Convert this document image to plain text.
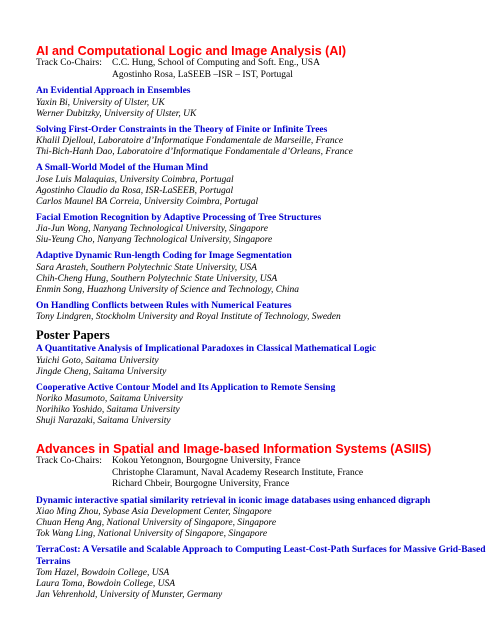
AI and Computational Logic and Image Analysis (AI)
Track Co-Chairs:	C.C. Hung, School of Computing and Soft. Eng., USA
Agostinho Rosa, LaSEEB –ISR – IST, Portugal
An Evidential Approach in Ensembles
Yaxin Bi, University of Ulster, UK
Werner Dubitzky, University of Ulster, UK
Solving First-Order Constraints in the Theory of Finite or Infinite Trees
Khalil Djelloul, Laboratoire d’Informatique Fondamentale de Marseille, France
Thi-Bich-Hanh Dao, Laboratoire d’Informatique Fondamentale d’Orleans, France
A Small-World Model of the Human Mind
Jose Luis Malaquias, University Coimbra, Portugal
Agostinho Claudio da Rosa, ISR-LaSEEB, Portugal
Carlos Maunel BA Correia, University Coimbra, Portugal
Facial Emotion Recognition by Adaptive Processing of Tree Structures
Jia-Jun Wong, Nanyang Technological University, Singapore
Siu-Yeung Cho, Nanyang Technological University, Singapore
Adaptive Dynamic Run-length Coding for Image Segmentation
Sara Arasteh, Southern Polytechnic State University, USA
Chih-Cheng Hung, Southern Polytechnic State University, USA
Enmin Song, Huazhong University of Science and Technology, China
On Handling Conflicts between Rules with Numerical Features
Tony Lindgren, Stockholm University and Royal Institute of Technology, Sweden
Poster Papers
A Quantitative Analysis of Implicational Paradoxes in Classical Mathematical Logic
Yuichi Goto, Saitama University
Jingde Cheng, Saitama University
Cooperative Active Contour Model and Its Application to Remote Sensing
Noriko Masumoto, Saitama University
Norihiko Yoshido, Saitama University
Shuji Narazaki, Saitama University
Advances in Spatial and Image-based Information Systems (ASIIS)
Track Co-Chairs:	Kokou Yetongnon, Bourgogne University, France
Christophe Claramunt, Naval Academy Research Institute, France
Richard Chbeir, Bourgogne University, France
Dynamic interactive spatial similarity retrieval in iconic image databases using enhanced digraph
Xiao Ming Zhou, Sybase Asia Development Center, Singapore
Chuan Heng Ang, National University of Singapore, Singapore
Tok Wang Ling, National University of Singapore, Singapore
TerraCost: A Versatile and Scalable Approach to Computing Least-Cost-Path Surfaces for Massive Grid-Based Terrains
Tom Hazel, Bowdoin College, USA
Laura Toma, Bowdoin College, USA
Jan Vehrenhold, University of Munster, Germany
